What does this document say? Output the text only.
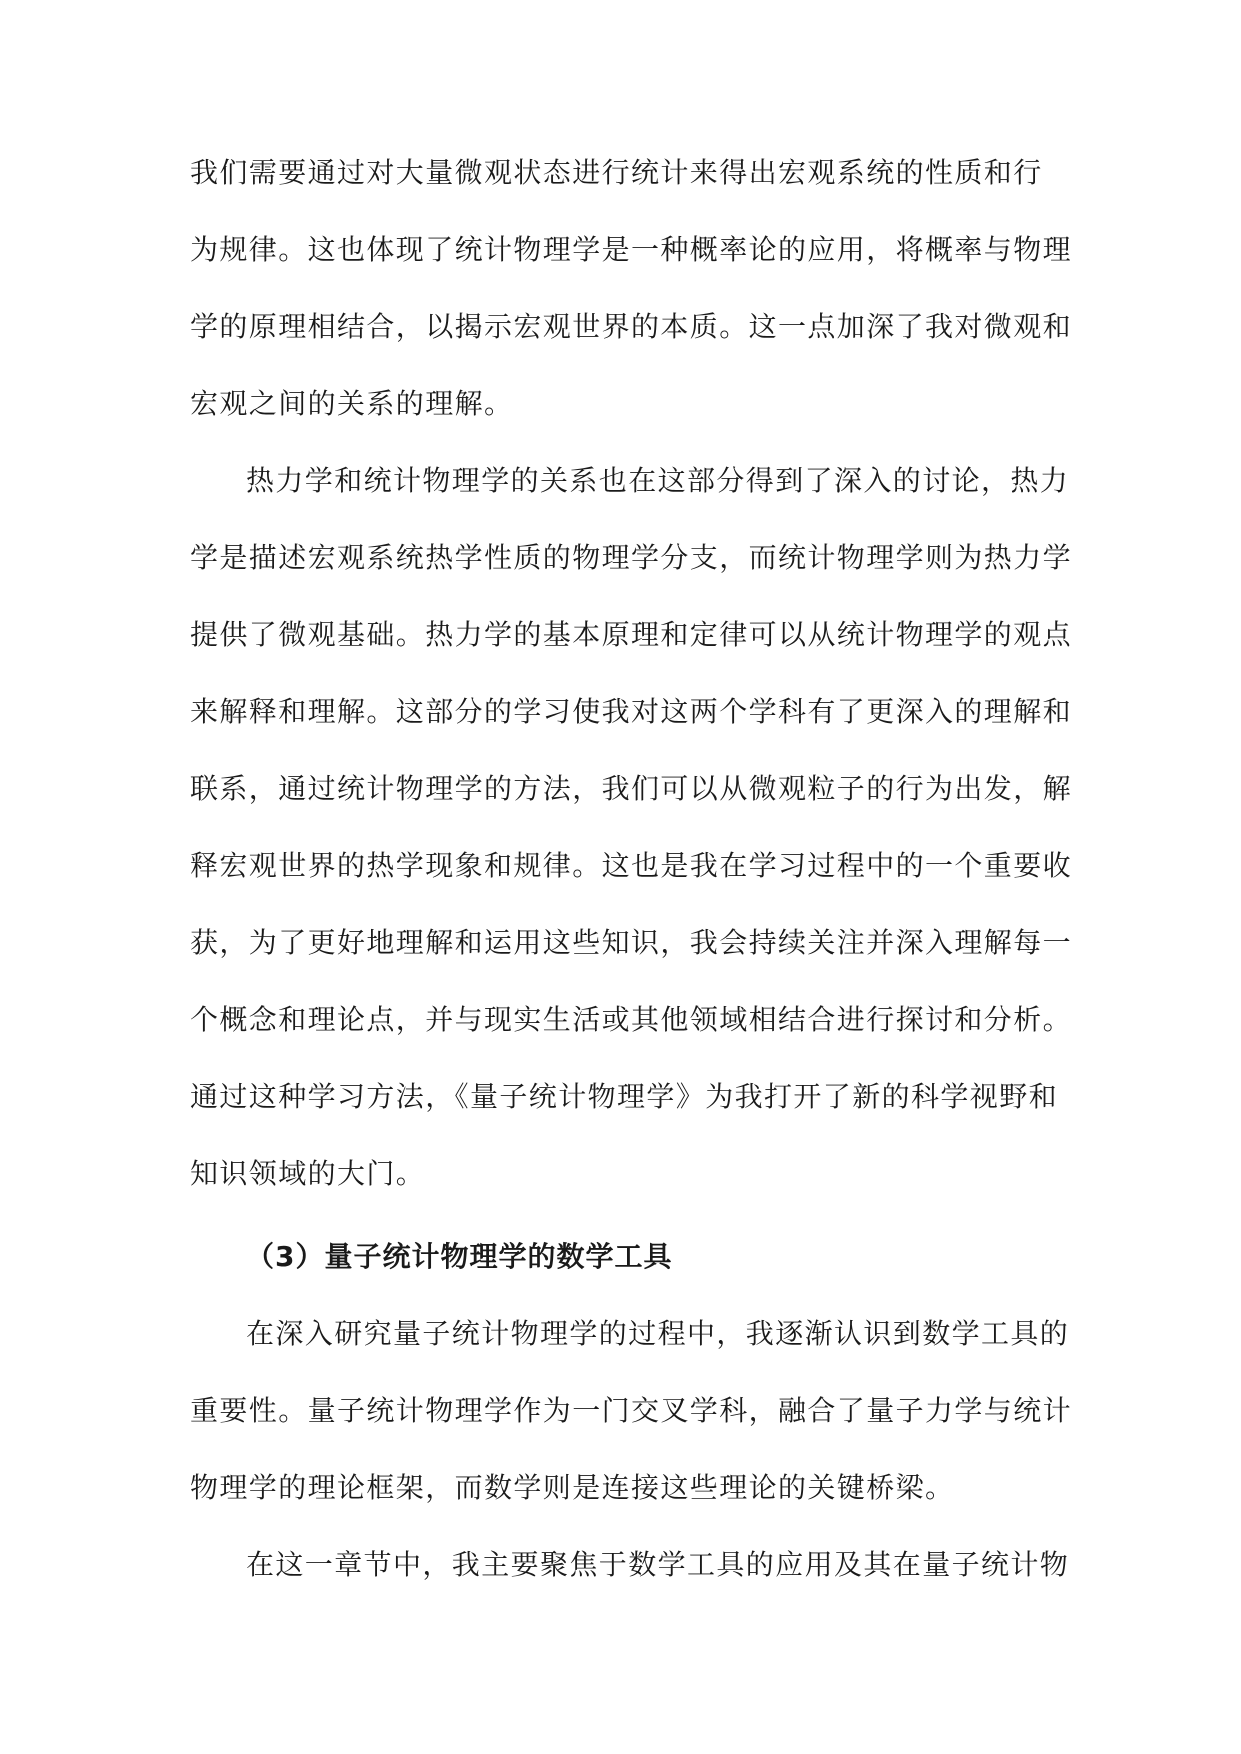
我们需要通过对大量微观状态进行统计来得出宏观系统的性质和行
为规律。这也体现了统计物理学是一种概率论的应用，将概率与物理
学的原理相结合，以揭示宏观世界的本质。这一点加深了我对微观和
宏观之间的关系的理解。
热力学和统计物理学的关系也在这部分得到了深入的讨论，热力
学是描述宏观系统热学性质的物理学分支，而统计物理学则为热力学
提供了微观基础。热力学的基本原理和定律可以从统计物理学的观点
来解释和理解。这部分的学习使我对这两个学科有了更深入的理解和
联系，通过统计物理学的方法，我们可以从微观粒子的行为出发，解
释宏观世界的热学现象和规律。这也是我在学习过程中的一个重要收
获，为了更好地理解和运用这些知识，我会持续关注并深入理解每一
个概念和理论点，并与现实生活或其他领域相结合进行探讨和分析。
通过这种学习方法，《量子统计物理学》为我打开了新的科学视野和
知识领域的大门。
（3）量子统计物理学的数学工具
在深入研究量子统计物理学的过程中，我逐渐认识到数学工具的
重要性。量子统计物理学作为一门交叉学科，融合了量子力学与统计
物理学的理论框架，而数学则是连接这些理论的关键桥梁。
在这一章节中，我主要聚焦于数学工具的应用及其在量子统计物
